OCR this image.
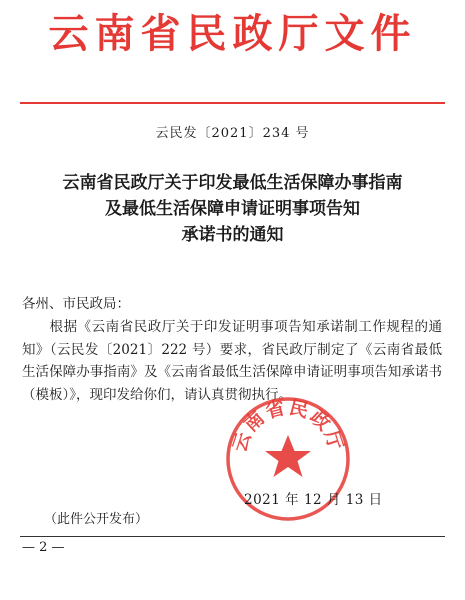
云南省民政厅文件
云民发〔2021〕234 号
云南省民政厅关于印发最低生活保障办事指南
及最低生活保障申请证明事项告知
承诺书的通知
各州、市民政局：
根据《云南省民政厅关于印发证明事项告知承诺制工作规程的通知》（云民发〔2021〕222 号）要求，省民政厅制定了《云南省最低生活保障办事指南》及《云南省最低生活保障申请证明事项告知承诺书（模板）》，现印发给你们，请认真贯彻执行。
云南省民政厅
2021 年 12 月 13 日
（此件公开发布）
— 2 —
